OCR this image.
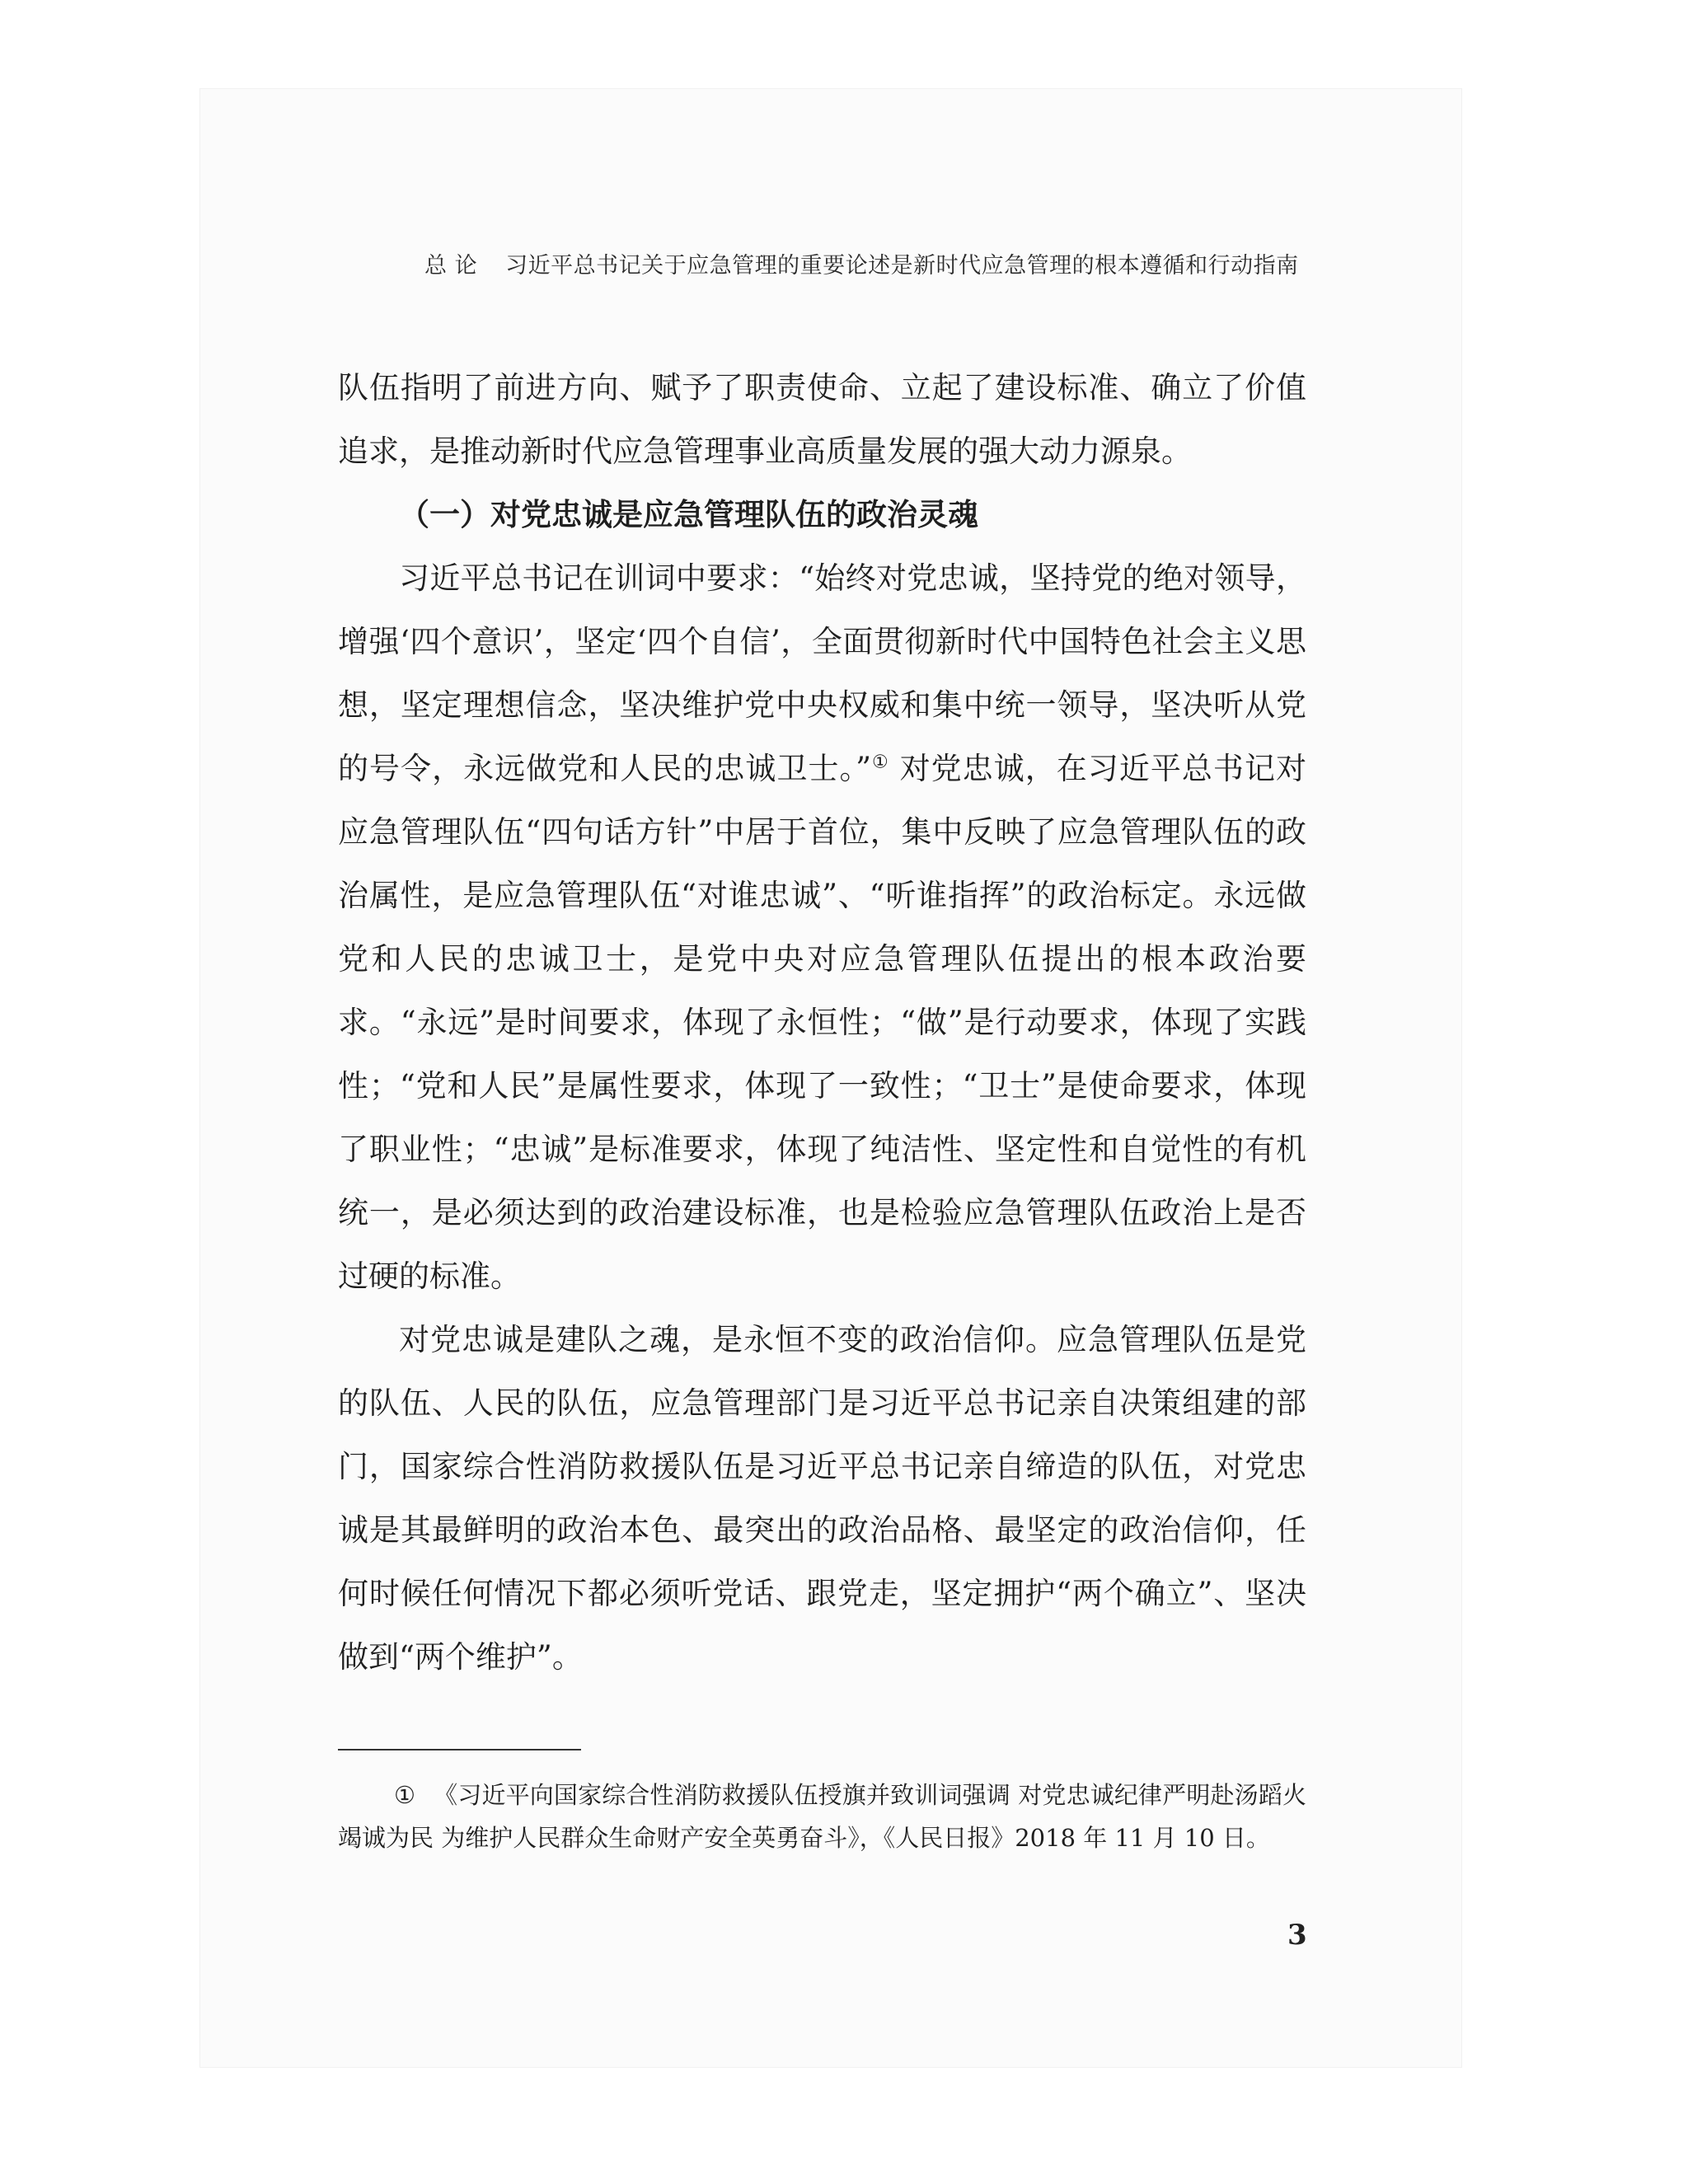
总 论 习近平总书记关于应急管理的重要论述是新时代应急管理的根本遵循和行动指南

队伍指明了前进方向、赋予了职责使命、立起了建设标准、确立了价值追求，是推动新时代应急管理事业高质量发展的强大动力源泉。

（一）对党忠诚是应急管理队伍的政治灵魂

习近平总书记在训词中要求：“始终对党忠诚，坚持党的绝对领导，增强‘四个意识’，坚定‘四个自信’，全面贯彻新时代中国特色社会主义思想，坚定理想信念，坚决维护党中央权威和集中统一领导，坚决听从党的号令，永远做党和人民的忠诚卫士。”① 对党忠诚，在习近平总书记对应急管理队伍“四句话方针”中居于首位，集中反映了应急管理队伍的政治属性，是应急管理队伍“对谁忠诚”、“听谁指挥”的政治标定。永远做党和人民的忠诚卫士，是党中央对应急管理队伍提出的根本政治要求。“永远”是时间要求，体现了永恒性；“做”是行动要求，体现了实践性；“党和人民”是属性要求，体现了一致性；“卫士”是使命要求，体现了职业性；“忠诚”是标准要求，体现了纯洁性、坚定性和自觉性的有机统一，是必须达到的政治建设标准，也是检验应急管理队伍政治上是否过硬的标准。

对党忠诚是建队之魂，是永恒不变的政治信仰。应急管理队伍是党的队伍、人民的队伍，应急管理部门是习近平总书记亲自决策组建的部门，国家综合性消防救援队伍是习近平总书记亲自缔造的队伍，对党忠诚是其最鲜明的政治本色、最突出的政治品格、最坚定的政治信仰，任何时候任何情况下都必须听党话、跟党走，坚定拥护“两个确立”、坚决做到“两个维护”。

① 《习近平向国家综合性消防救援队伍授旗并致训词强调 对党忠诚纪律严明赴汤蹈火竭诚为民 为维护人民群众生命财产安全英勇奋斗》，《人民日报》2018 年 11 月 10 日。
3
